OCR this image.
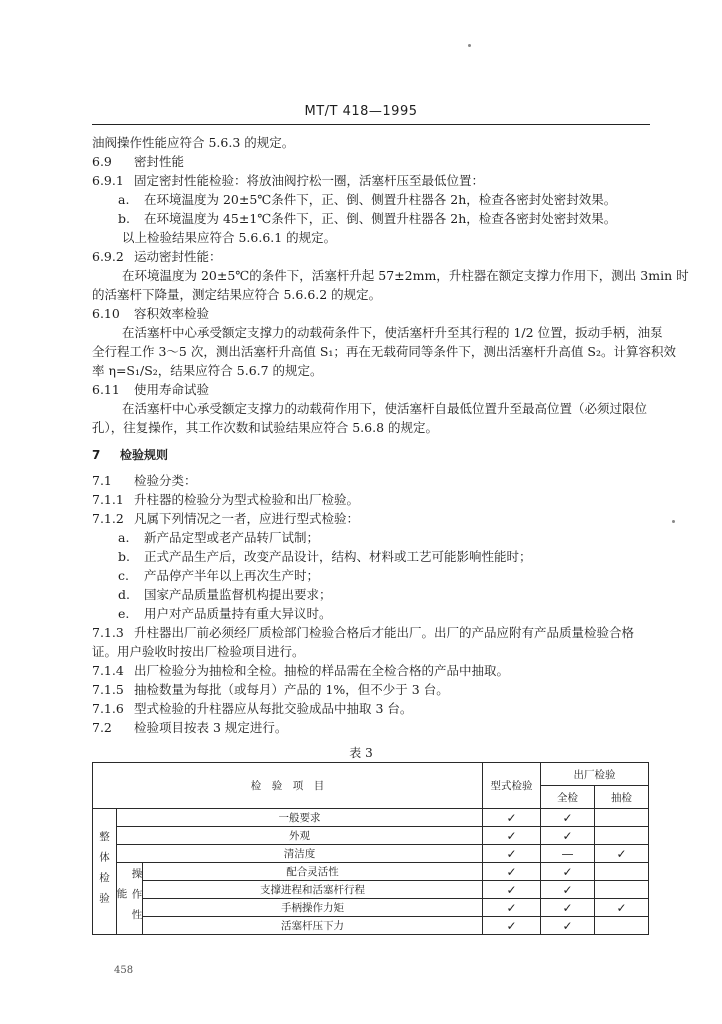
MT/T 418—1995
油阀操作性能应符合 5.6.3 的规定。
6.9 密封性能
6.9.1 固定密封性能检验：将放油阀拧松一圈，活塞杆压至最低位置：
a. 在环境温度为 20±5℃条件下，正、倒、侧置升柱器各 2h，检查各密封处密封效果。
b. 在环境温度为 45±1℃条件下，正、倒、侧置升柱器各 2h，检查各密封处密封效果。
以上检验结果应符合 5.6.6.1 的规定。
6.9.2 运动密封性能：
在环境温度为 20±5℃的条件下，活塞杆升起 57±2mm，升柱器在额定支撑力作用下，测出 3min 时
的活塞杆下降量，测定结果应符合 5.6.6.2 的规定。
6.10 容积效率检验
在活塞杆中心承受额定支撑力的动载荷条件下，使活塞杆升至其行程的 1/2 位置，扳动手柄，油泵
全行程工作 3～5 次，测出活塞杆升高值 S₁；再在无载荷同等条件下，测出活塞杆升高值 S₂。计算容积效
率 η=S₁/S₂，结果应符合 5.6.7 的规定。
6.11 使用寿命试验
在活塞杆中心承受额定支撑力的动载荷作用下，使活塞杆自最低位置升至最高位置（必须过限位
孔），往复操作，其工作次数和试验结果应符合 5.6.8 的规定。
7 检验规则
7.1 检验分类：
7.1.1 升柱器的检验分为型式检验和出厂检验。
7.1.2 凡属下列情况之一者，应进行型式检验：
a. 新产品定型或老产品转厂试制；
b. 正式产品生产后，改变产品设计，结构、材料或工艺可能影响性能时；
c. 产品停产半年以上再次生产时；
d. 国家产品质量监督机构提出要求；
e. 用户对产品质量持有重大异议时。
7.1.3 升柱器出厂前必须经厂质检部门检验合格后才能出厂。出厂的产品应附有产品质量检验合格
证。用户验收时按出厂检验项目进行。
7.1.4 出厂检验分为抽检和全检。抽检的样品需在全检合格的产品中抽取。
7.1.5 抽检数量为每批（或每月）产品的 1%，但不少于 3 台。
7.1.6 型式检验的升柱器应从每批交验成品中抽取 3 台。
7.2 检验项目按表 3 规定进行。
表 3
检　验　项　目			型式检验	出厂检验	
				全检	抽检
整体检验	一般要求		✓	✓	
	外观		✓	✓	
	清洁度		✓	—	✓
	操作性能	配合灵活性	✓	✓	
		支撑进程和活塞杆行程	✓	✓	
		手柄操作力矩	✓	✓	✓
		活塞杆压下力	✓	✓	
458
